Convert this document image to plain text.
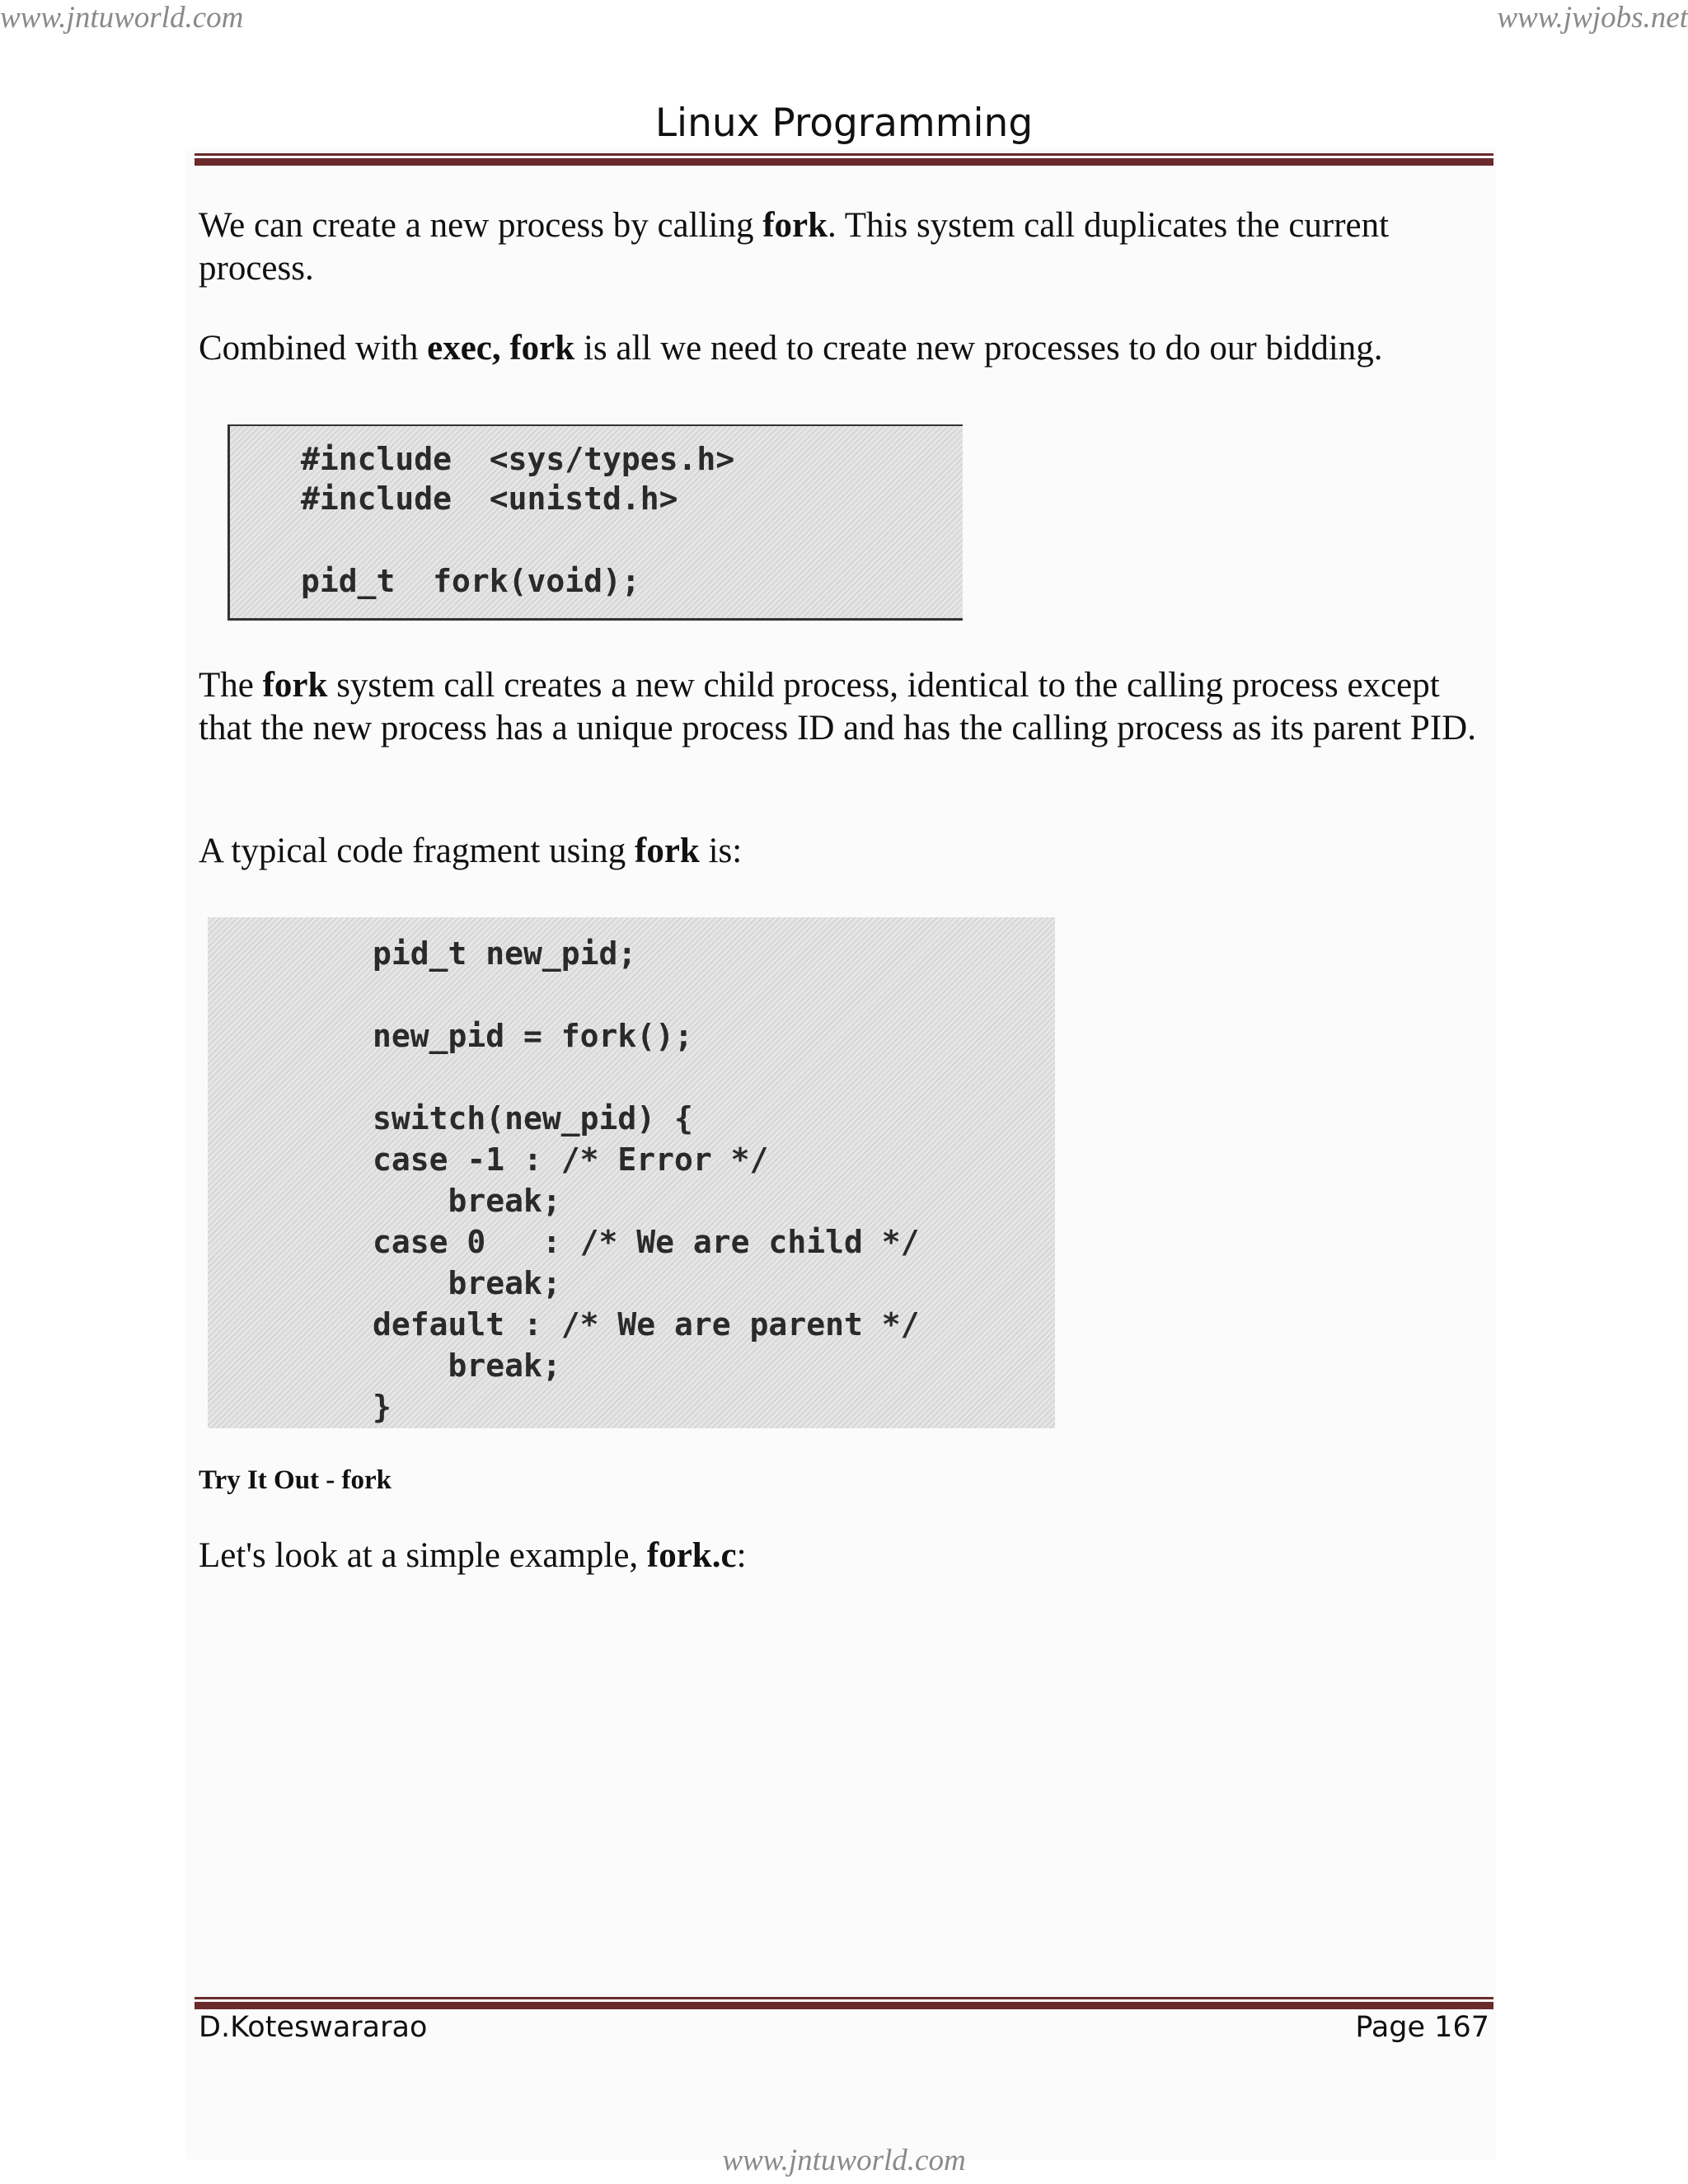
www.jntuworld.com	www.jwjobs.net
Linux Programming

We can create a new process by calling fork. This system call duplicates the current process.

Combined with exec, fork is all we need to create new processes to do our bidding.

#include  <sys/types.h>
#include  <unistd.h>
pid_t  fork(void);

The fork system call creates a new child process, identical to the calling process except that the new process has a unique process ID and has the calling process as its parent PID.

A typical code fragment using fork is:

pid_t new_pid;
new_pid = fork();
switch(new_pid) {
case -1 : /* Error */
break;
case 0   : /* We are child */
break;
default : /* We are parent */
break;
}
Try It Out - fork

Let's look at a simple example, fork.c:

D.Koteswararao	Page 167
www.jntuworld.com
